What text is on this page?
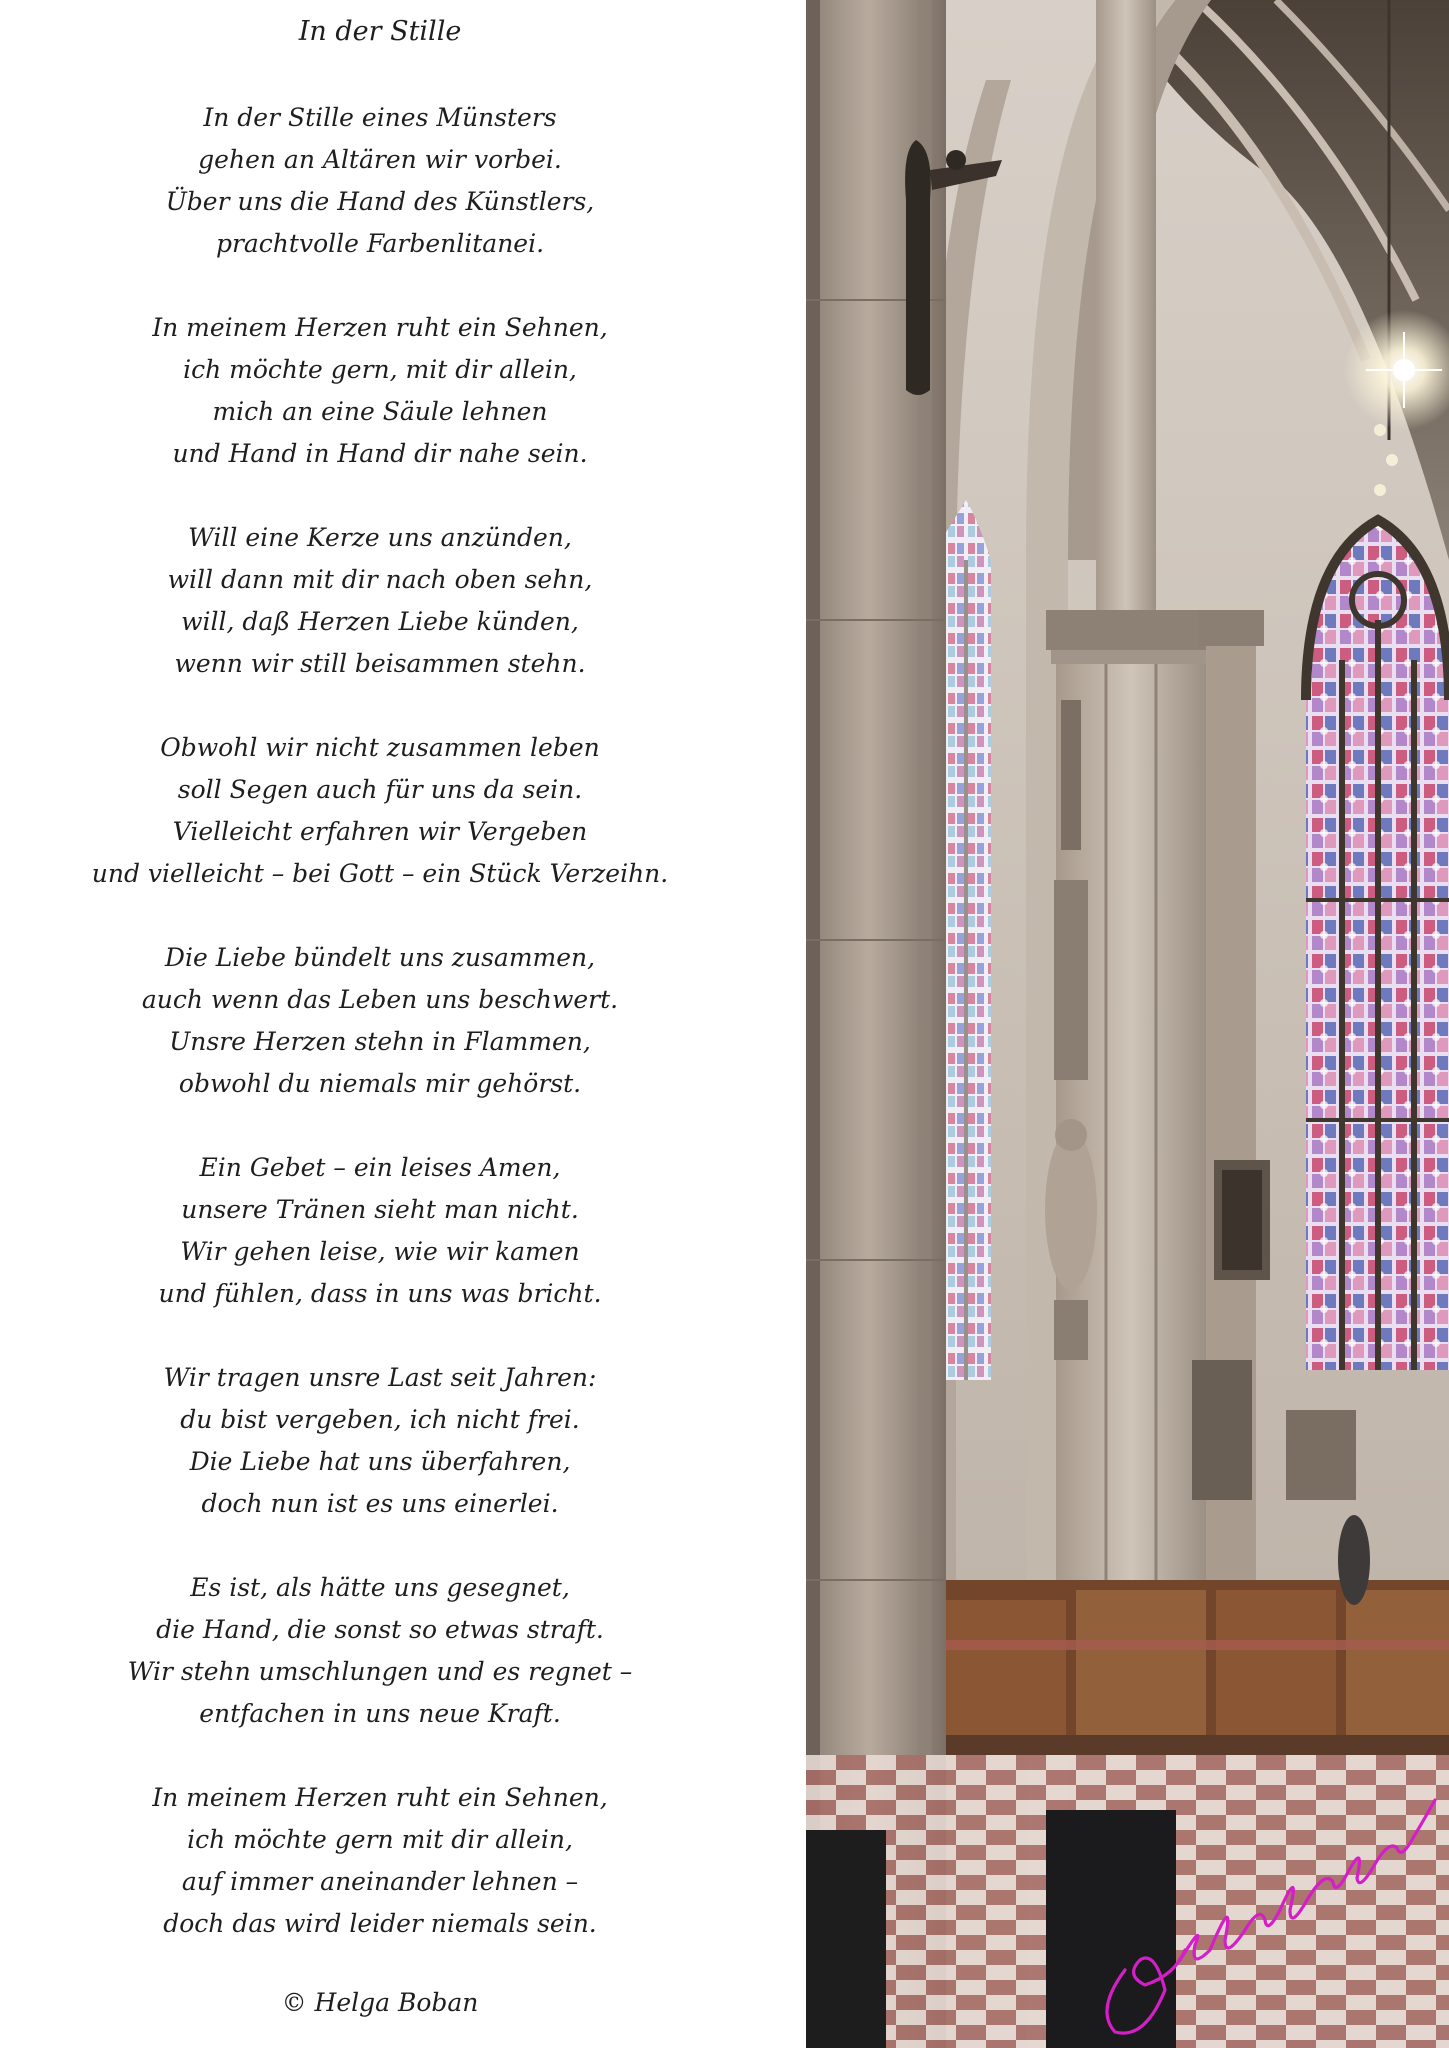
In der Stille
In der Stille eines Münsters
gehen an Altären wir vorbei.
Über uns die Hand des Künstlers,
prachtvolle Farbenlitanei.
In meinem Herzen ruht ein Sehnen,
ich möchte gern, mit dir allein,
mich an eine Säule lehnen
und Hand in Hand dir nahe sein.
Will eine Kerze uns anzünden,
will dann mit dir nach oben sehn,
will, daß Herzen Liebe künden,
wenn wir still beisammen stehn.
Obwohl wir nicht zusammen leben
soll Segen auch für uns da sein.
Vielleicht erfahren wir Vergeben
und vielleicht – bei Gott – ein Stück Verzeihn.
Die Liebe bündelt uns zusammen,
auch wenn das Leben uns beschwert.
Unsre Herzen stehn in Flammen,
obwohl du niemals mir gehörst.
Ein Gebet – ein leises Amen,
unsere Tränen sieht man nicht.
Wir gehen leise, wie wir kamen
und fühlen, dass in uns was bricht.
Wir tragen unsre Last seit Jahren:
du bist vergeben, ich nicht frei.
Die Liebe hat uns überfahren,
doch nun ist es uns einerlei.
Es ist, als hätte uns gesegnet,
die Hand, die sonst so etwas straft.
Wir stehn umschlungen und es regnet –
entfachen in uns neue Kraft.
In meinem Herzen ruht ein Sehnen,
ich möchte gern mit dir allein,
auf immer aneinander lehnen –
doch das wird leider niemals sein.
© Helga Boban
